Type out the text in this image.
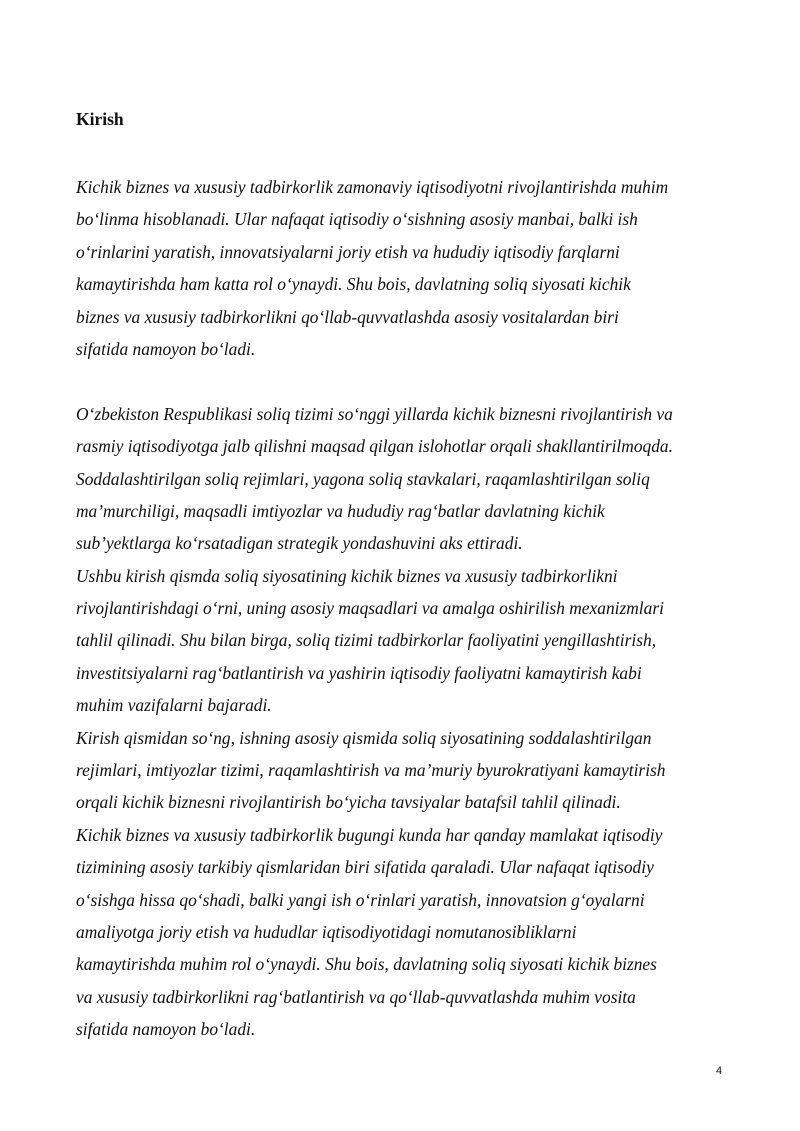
Kirish
Kichik biznes va xususiy tadbirkorlik zamonaviy iqtisodiyotni rivojlantirishda muhim
bo‘linma hisoblanadi. Ular nafaqat iqtisodiy o‘sishning asosiy manbai, balki ish
o‘rinlarini yaratish, innovatsiyalarni joriy etish va hududiy iqtisodiy farqlarni
kamaytirishda ham katta rol o‘ynaydi. Shu bois, davlatning soliq siyosati kichik
biznes va xususiy tadbirkorlikni qo‘llab-quvvatlashda asosiy vositalardan biri
sifatida namoyon bo‘ladi.
O‘zbekiston Respublikasi soliq tizimi so‘nggi yillarda kichik biznesni rivojlantirish va
rasmiy iqtisodiyotga jalb qilishni maqsad qilgan islohotlar orqali shakllantirilmoqda.
Soddalashtirilgan soliq rejimlari, yagona soliq stavkalari, raqamlashtirilgan soliq
ma’murchiligi, maqsadli imtiyozlar va hududiy rag‘batlar davlatning kichik
sub’yektlarga ko‘rsatadigan strategik yondashuvini aks ettiradi.
Ushbu kirish qismda soliq siyosatining kichik biznes va xususiy tadbirkorlikni
rivojlantirishdagi o‘rni, uning asosiy maqsadlari va amalga oshirilish mexanizmlari
tahlil qilinadi. Shu bilan birga, soliq tizimi tadbirkorlar faoliyatini yengillashtirish,
investitsiyalarni rag‘batlantirish va yashirin iqtisodiy faoliyatni kamaytirish kabi
muhim vazifalarni bajaradi.
Kirish qismidan so‘ng, ishning asosiy qismida soliq siyosatining soddalashtirilgan
rejimlari, imtiyozlar tizimi, raqamlashtirish va ma’muriy byurokratiyani kamaytirish
orqali kichik biznesni rivojlantirish bo‘yicha tavsiyalar batafsil tahlil qilinadi.
Kichik biznes va xususiy tadbirkorlik bugungi kunda har qanday mamlakat iqtisodiy
tizimining asosiy tarkibiy qismlaridan biri sifatida qaraladi. Ular nafaqat iqtisodiy
o‘sishga hissa qo‘shadi, balki yangi ish o‘rinlari yaratish, innovatsion g‘oyalarni
amaliyotga joriy etish va hududlar iqtisodiyotidagi nomutanosibliklarni
kamaytirishda muhim rol o‘ynaydi. Shu bois, davlatning soliq siyosati kichik biznes
va xususiy tadbirkorlikni rag‘batlantirish va qo‘llab-quvvatlashda muhim vosita
sifatida namoyon bo‘ladi.
4
